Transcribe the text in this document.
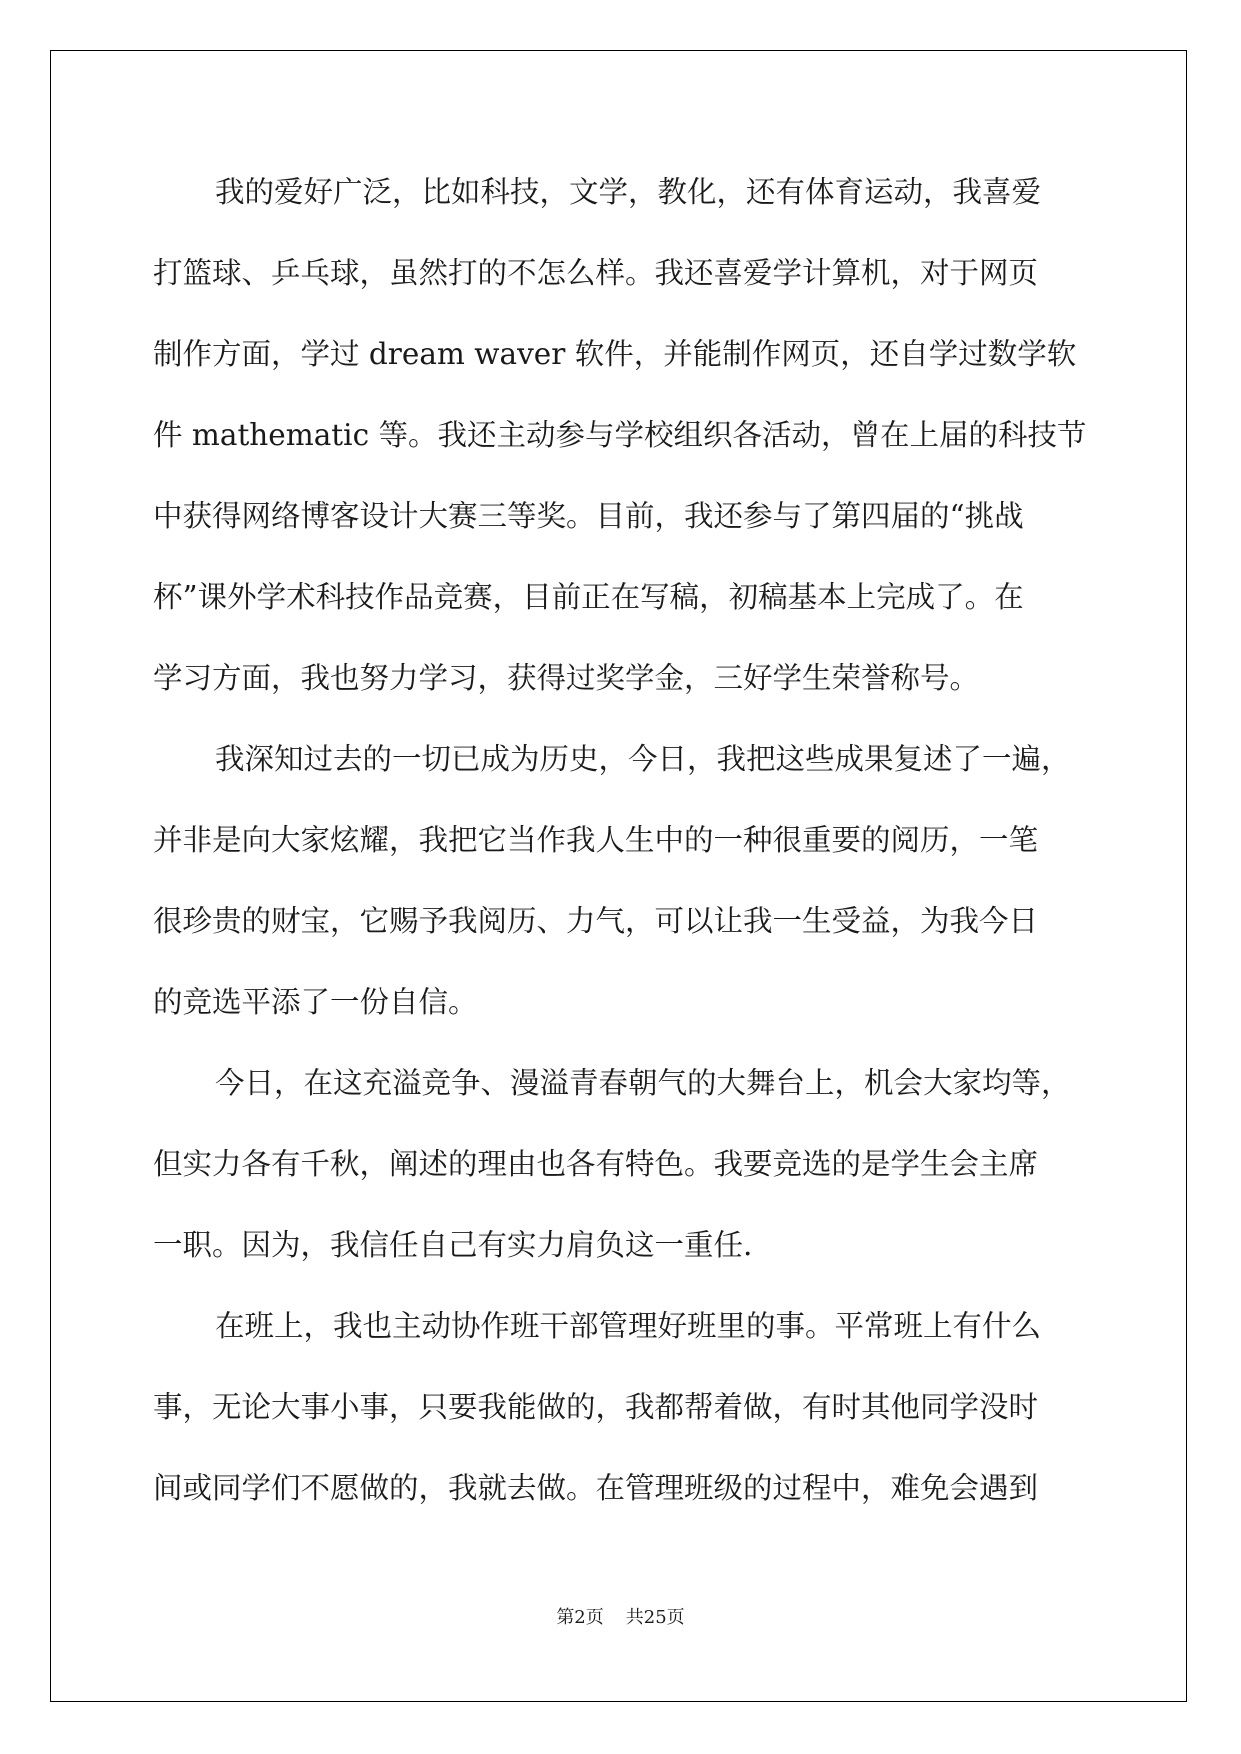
我的爱好广泛，比如科技，文学，教化，还有体育运动，我喜爱
打篮球、乒乓球，虽然打的不怎么样。我还喜爱学计算机，对于网页
制作方面，学过 dream waver 软件，并能制作网页，还自学过数学软
件 mathematic 等。我还主动参与学校组织各活动，曾在上届的科技节
中获得网络博客设计大赛三等奖。目前，我还参与了第四届的“挑战
杯”课外学术科技作品竞赛，目前正在写稿，初稿基本上完成了。在
学习方面，我也努力学习，获得过奖学金，三好学生荣誉称号。
我深知过去的一切已成为历史，今日，我把这些成果复述了一遍，
并非是向大家炫耀，我把它当作我人生中的一种很重要的阅历，一笔
很珍贵的财宝，它赐予我阅历、力气，可以让我一生受益，为我今日
的竞选平添了一份自信。
今日，在这充溢竞争、漫溢青春朝气的大舞台上，机会大家均等，
但实力各有千秋，阐述的理由也各有特色。我要竞选的是学生会主席
一职。因为，我信任自己有实力肩负这一重任.
在班上，我也主动协作班干部管理好班里的事。平常班上有什么
事，无论大事小事，只要我能做的，我都帮着做，有时其他同学没时
间或同学们不愿做的，我就去做。在管理班级的过程中，难免会遇到
第2页 共25页
